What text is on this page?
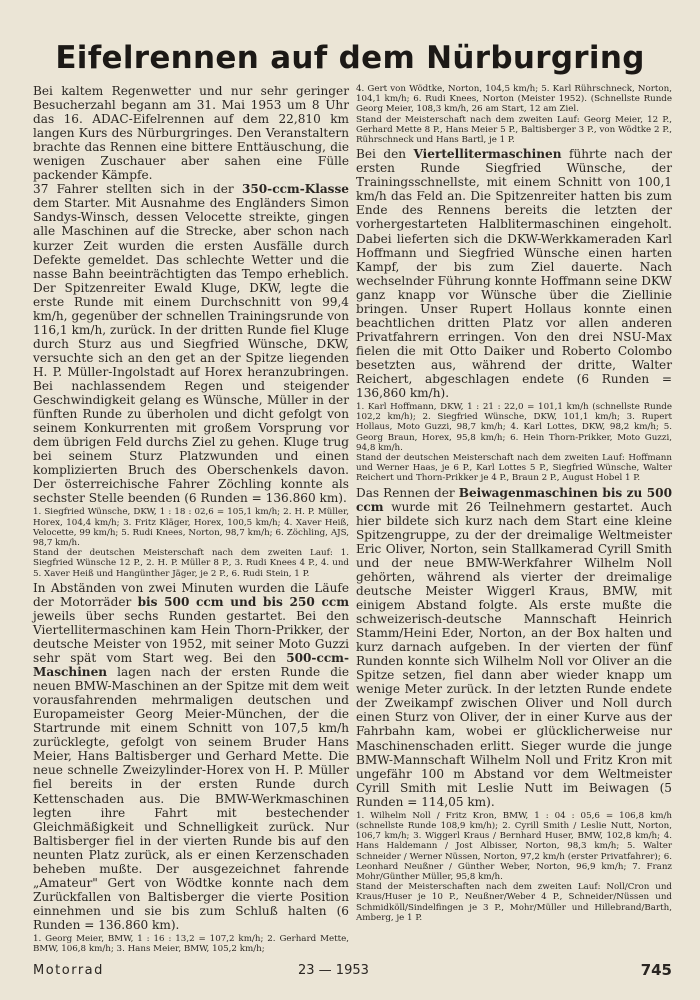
Eifelrennen auf dem Nürburgring

Bei kaltem Regenwetter und nur sehr geringer Besucherzahl begann am 31. Mai 1953 um 8 Uhr das 16. ADAC-Eifelrennen auf dem 22,810 km langen Kurs des Nürburgringes. Den Veranstaltern brachte das Rennen eine bittere Enttäuschung, die wenigen Zuschauer aber sahen eine Fülle packender Kämpfe.

37 Fahrer stellten sich in der 350-ccm-Klasse dem Starter. Mit Ausnahme des Engländers Simon Sandys-Winsch, dessen Velocette streikte, gingen alle Maschinen auf die Strecke, aber schon nach kurzer Zeit wurden die ersten Ausfälle durch Defekte gemeldet. Das schlechte Wetter und die nasse Bahn beeinträchtigten das Tempo erheblich. Der Spitzenreiter Ewald Kluge, DKW, legte die erste Runde mit einem Durchschnitt von 99,4 km/h, gegenüber der schnellen Trainingsrunde von 116,1 km/h, zurück. In der dritten Runde fiel Kluge durch Sturz aus und Siegfried Wünsche, DKW, versuchte sich an den get an der Spitze liegenden H. P. Müller-Ingolstadt auf Horex heranzubringen. Bei nachlassendem Regen und steigender Geschwindigkeit gelang es Wünsche, Müller in der fünften Runde zu überholen und dicht gefolgt von seinem Konkurrenten mit großem Vorsprung vor dem übrigen Feld durchs Ziel zu gehen. Kluge trug bei seinem Sturz Platzwunden und einen komplizierten Bruch des Oberschenkels davon. Der österreichische Fahrer Zöchling konnte als sechster Stelle beenden (6 Runden = 136.860 km).

1. Siegfried Wünsche, DKW, 1 : 18 : 02,6 = 105,1 km/h; 2. H. P. Müller, Horex, 104,4 km/h; 3. Fritz Kläger, Horex, 100,5 km/h; 4. Xaver Heiß, Velocette, 99 km/h; 5. Rudi Knees, Norton, 98,7 km/h; 6. Zöchling, AJS, 98,7 km/h.

Stand der deutschen Meisterschaft nach dem zweiten Lauf: 1. Siegfried Wünsche 12 P., 2. H. P. Müller 8 P., 3. Rudi Knees 4 P., 4. und 5. Xaver Heiß und Hangünther Jäger, je 2 P., 6. Rudi Stein, 1 P.

In Abständen von zwei Minuten wurden die Läufe der Motorräder bis 500 ccm und bis 250 ccm jeweils über sechs Runden gestartet. Bei den Viertellitermaschinen kam Hein Thorn-Prikker, der deutsche Meister von 1952, mit seiner Moto Guzzi sehr spät vom Start weg. Bei den 500-ccm-Maschinen lagen nach der ersten Runde die neuen BMW-Maschinen an der Spitze mit dem weit vorausfahrenden mehrmaligen deutschen und Europameister Georg Meier-München, der die Startrunde mit einem Schnitt von 107,5 km/h zurücklegte, gefolgt von seinem Bruder Hans Meier, Hans Baltisberger und Gerhard Mette. Die neue schnelle Zweizylinder-Horex von H. P. Müller fiel bereits in der ersten Runde durch Kettenschaden aus. Die BMW-Werkmaschinen legten ihre Fahrt mit bestechender Gleichmäßigkeit und Schnelligkeit zurück. Nur Baltisberger fiel in der vierten Runde bis auf den neunten Platz zurück, als er einen Kerzenschaden beheben mußte. Der ausgezeichnet fahrende „Amateur" Gert von Wödtke konnte nach dem Zurückfallen von Baltisberger die vierte Position einnehmen und sie bis zum Schluß halten (6 Runden = 136.860 km).

1. Georg Meier, BMW, 1 : 16 : 13,2 = 107,2 km/h; 2. Gerhard Mette, BMW, 106,8 km/h; 3. Hans Meier, BMW, 105,2 km/h;

4. Gert von Wödtke, Norton, 104,5 km/h; 5. Karl Rührschneck, Norton, 104,1 km/h; 6. Rudi Knees, Norton (Meister 1952). (Schnellste Runde Georg Meier, 108,3 km/h, 26 am Start, 12 am Ziel.

Stand der Meisterschaft nach dem zweiten Lauf: Georg Meier, 12 P., Gerhard Mette 8 P., Hans Meier 5 P., Baltisberger 3 P., von Wödtke 2 P., Rührschneck und Hans Bartl, je 1 P.

Bei den Viertellitermaschinen führte nach der ersten Runde Siegfried Wünsche, der Trainingsschnellste, mit einem Schnitt von 100,1 km/h das Feld an. Die Spitzenreiter hatten bis zum Ende des Rennens bereits die letzten der vorhergestarteten Halblitermaschinen eingeholt. Dabei lieferten sich die DKW-Werkkameraden Karl Hoffmann und Siegfried Wünsche einen harten Kampf, der bis zum Ziel dauerte. Nach wechselnder Führung konnte Hoffmann seine DKW ganz knapp vor Wünsche über die Ziellinie bringen. Unser Rupert Hollaus konnte einen beachtlichen dritten Platz vor allen anderen Privatfahrern erringen. Von den drei NSU-Max fielen die mit Otto Daiker und Roberto Colombo besetzten aus, während der dritte, Walter Reichert, abgeschlagen endete (6 Runden = 136,860 km/h).

1. Karl Hoffmann, DKW, 1 : 21 : 22,0 = 101,1 km/h (schnellste Runde 102,2 km/h); 2. Siegfried Wünsche, DKW, 101,1 km/h; 3. Rupert Hollaus, Moto Guzzi, 98,7 km/h; 4. Karl Lottes, DKW, 98,2 km/h; 5. Georg Braun, Horex, 95,8 km/h; 6. Hein Thorn-Prikker, Moto Guzzi, 94,8 km/h.

Stand der deutschen Meisterschaft nach dem zweiten Lauf: Hoffmann und Werner Haas, je 6 P., Karl Lottes 5 P., Siegfried Wünsche, Walter Reichert und Thorn-Prikker je 4 P., Braun 2 P., August Hobel 1 P.

Das Rennen der Beiwagenmaschinen bis zu 500 ccm wurde mit 26 Teilnehmern gestartet. Auch hier bildete sich kurz nach dem Start eine kleine Spitzengruppe, zu der der dreimalige Weltmeister Eric Oliver, Norton, sein Stallkamerad Cyrill Smith und der neue BMW-Werkfahrer Wilhelm Noll gehörten, während als vierter der dreimalige deutsche Meister Wiggerl Kraus, BMW, mit einigem Abstand folgte. Als erste mußte die schweizerisch-deutsche Mannschaft Heinrich Stamm/Heini Eder, Norton, an der Box halten und kurz darnach aufgeben. In der vierten der fünf Runden konnte sich Wilhelm Noll vor Oliver an die Spitze setzen, fiel dann aber wieder knapp um wenige Meter zurück. In der letzten Runde endete der Zweikampf zwischen Oliver und Noll durch einen Sturz von Oliver, der in einer Kurve aus der Fahrbahn kam, wobei er glücklicherweise nur Maschinenschaden erlitt. Sieger wurde die junge BMW-Mannschaft Wilhelm Noll und Fritz Kron mit ungefähr 100 m Abstand vor dem Weltmeister Cyrill Smith mit Leslie Nutt im Beiwagen (5 Runden = 114,05 km).

1. Wilhelm Noll / Fritz Kron, BMW, 1 : 04 : 05,6 = 106,8 km/h (schnellste Runde 108,9 km/h); 2. Cyrill Smith / Leslie Nutt, Norton, 106,7 km/h; 3. Wiggerl Kraus / Bernhard Huser, BMW, 102,8 km/h; 4. Hans Haldemann / Jost Albisser, Norton, 98,3 km/h; 5. Walter Schneider / Werner Nüssen, Norton, 97,2 km/h (erster Privatfahrer); 6. Leonhard Neußner / Günther Weber, Norton, 96,9 km/h; 7. Franz Mohr/Günther Müller, 95,8 km/h.

Stand der Meisterschaften nach dem zweiten Lauf: Noll/Cron und Kraus/Huser je 10 P., Neußner/Weber 4 P., Schneider/Nüssen und Schmidköll/Sindelfingen je 3 P., Mohr/Müller und Hillebrand/Barth, Amberg, je 1 P.

Motorrad	23 — 1953	745
